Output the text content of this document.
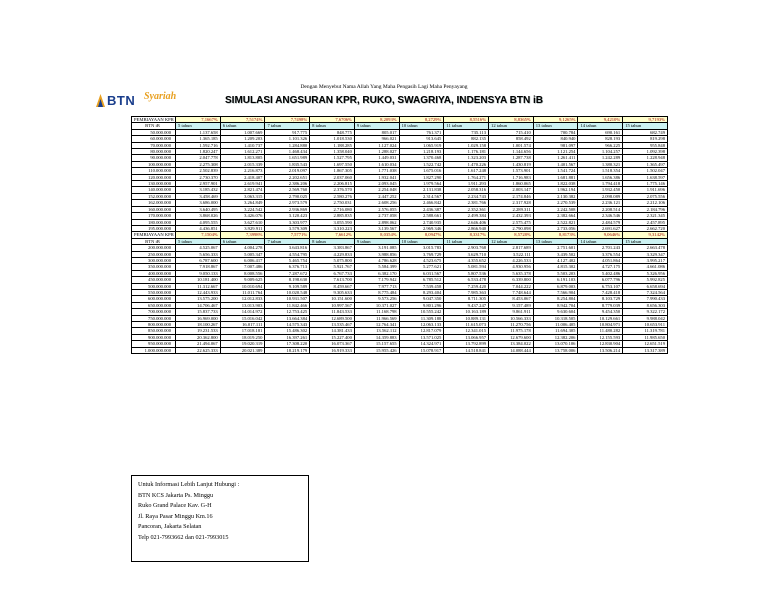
Dengan Menyebut Nama Allah Yang Maha Pengasih Lagi Maha Penyayang
BTN Syariah	SIMULASI ANGSURAN KPR, RUKO, SWAGRIYA, INDENSYA BTN iB
PEMBIAYAAN KPR	7,1667%	7,5174%	7,7498%	7,6706%	8,2093%	8,2729%	8,5516%	8,8365%	9,1265%	9,4210%	9,7193%
BTN iB	5 tahun	6 tahun	7 tahun	8 tahun	9 tahun	10 tahun	11 tahun	12 tahun	13 tahun	14 tahun	15 tahun
50.000.000	1.137.658	1.007.669	917.775	848.775	805.017	761.371	735.113	715.410	700.784	690.161	682.749
60.000.000	1.365.185	1.209.203	1.101.326	1.018.530	966.021	913.645	882.135	858.492	840.940	828.193	819.298
70.000.000	1.592.716	1.410.737	1.284.880	1.188.285	1.127.024	1.065.919	1.029.158	1.001.574	981.097	966.225	955.848
80.000.000	1.820.247	1.612.271	1.468.434	1.358.040	1.288.027	1.218.193	1.176.181	1.144.656	1.121.254	1.104.257	1.092.398
90.000.000	2.047.778	1.813.805	1.651.989	1.527.795	1.449.031	1.370.468	1.323.203	1.287.738	1.261.411	1.242.289	1.228.948
100.000.000	2.275.308	2.015.339	1.835.543	1.697.550	1.610.034	1.522.742	1.470.226	1.430.819	1.401.567	1.380.321	1.365.497
110.000.000	2.502.839	2.216.873	2.019.097	1.867.305	1.771.038	1.675.016	1.617.248	1.573.901	1.541.724	1.518.354	1.502.047
120.000.000	2.730.370	2.418.407	2.202.651	2.037.060	1.932.041	1.827.290	1.764.271	1.716.983	1.681.881	1.656.386	1.638.597
130.000.000	2.957.901	2.619.941	2.386.206	2.206.815	2.093.045	1.979.564	1.911.293	1.860.065	1.822.038	1.794.418	1.775.146
140.000.000	3.185.432	2.821.474	2.569.760	2.376.570	2.254.048	2.131.838	2.058.316	2.003.147	1.962.194	1.932.450	1.911.696
152.000.000	3.458.469	3.063.315	2.790.025	2.580.276	2.447.252	2.314.567	2.234.743	2.174.846	2.130.382	2.098.089	2.075.556
162.000.000	3.686.000	3.264.849	2.973.579	2.750.031	2.608.256	2.466.842	2.381.766	2.317.928	2.270.539	2.236.121	2.212.106
160.000.000	3.640.495	3.224.542	2.936.869	2.716.080	2.576.055	2.436.387	2.352.361	2.289.311	2.242.508	2.208.514	2.184.796
170.000.000	3.868.026	3.426.076	3.120.423	2.885.835	2.737.058	2.588.661	2.499.384	2.432.393	2.382.664	2.346.546	2.321.345
180.000.000	4.095.555	3.627.610	3.303.977	3.055.590	2.898.062	2.740.935	2.646.406	2.575.475	2.522.821	2.484.579	2.457.895
195.000.000	4.436.851	3.929.911	3.579.309	3.310.223	3.139.567	2.969.346	2.866.940	2.790.098	2.733.056	2.691.627	2.662.720
PEMBIAYAAN KPR	7,1504%	7,3998%	7,5771%	7,6612%	8,0354%	8,0947%	8,3317%	8,5728%	8,8173%	9,0646%	9,3142%
BTN iB	5 tahun	6 tahun	7 tahun	8 tahun	9 tahun	10 tahun	11 tahun	12 tahun	13 tahun	14 tahun	15 tahun
200.000.000	4.525.067	4.004.278	3.643.816	3.383.867	3.191.085	3.015.783	2.903.768	2.817.689	2.751.601	2.701.243	2.663.478
250.000.000	5.656.333	5.005.347	4.554.795	4.229.833	3.988.856	3.769.729	3.629.710	3.522.111	3.439.502	3.376.554	3.329.347
300.000.000	6.787.600	6.006.417	5.465.754	5.075.800	4.786.628	4.523.675	4.355.652	4.226.533	4.127.402	4.051.864	3.995.217
350.000.000	7.918.867	7.007.486	6.376.713	5.921.767	5.584.399	5.277.621	5.081.594	4.930.956	4.815.302	4.727.175	4.661.086
400.000.000	9.050.133	8.008.556	7.287.672	6.767.733	6.382.170	6.031.567	5.807.536	5.635.378	5.503.203	5.402.486	5.326.956
450.000.000	10.181.400	9.009.625	8.198.630	7.613.700	7.179.942	6.785.512	6.533.478	6.339.800	6.191.103	6.077.796	5.992.825
500.000.000	11.312.667	10.010.694	9.109.589	8.459.667	7.977.713	7.539.458	7.259.420	7.044.222	6.879.003	6.753.107	6.658.694
550.000.000	12.443.933	11.011.764	10.020.548	9.305.633	8.775.484	8.293.404	7.985.363	7.748.644	7.566.904	7.428.418	7.324.564
600.000.000	13.575.200	12.012.833	10.931.507	10.151.600	9.573.256	9.047.350	8.711.305	8.453.067	8.254.804	8.103.729	7.990.433
650.000.000	14.706.467	13.013.903	11.842.466	10.997.567	10.371.027	9.801.296	9.437.247	9.157.489	8.942.704	8.779.039	8.656.303
700.000.000	15.837.733	14.014.972	12.753.425	11.843.533	11.168.798	10.555.242	10.163.189	9.861.911	9.630.604	9.454.350	9.322.172
750.000.000	16.969.000	15.016.042	13.664.384	12.689.500	11.966.569	11.309.188	10.889.131	10.566.333	10.318.505	10.129.661	9.988.042
800.000.000	18.100.267	16.017.111	14.575.343	13.535.467	12.764.341	12.063.133	11.615.073	11.270.756	11.006.405	10.804.971	10.653.911
850.000.000	19.231.533	17.018.181	15.486.302	14.381.433	13.562.112	12.817.079	12.341.015	11.975.178	11.694.305	11.480.282	11.319.781
900.000.000	20.362.800	18.019.250	16.397.261	15.227.400	14.359.883	13.571.025	13.066.957	12.679.600	12.382.206	12.155.593	11.985.650
950.000.000	21.494.067	19.020.319	17.308.220	16.073.367	15.157.655	14.324.971	13.792.899	13.384.022	13.070.106	12.830.904	12.651.519
1.000.000.000	22.625.333	20.021.389	18.219.179	16.919.333	15.955.426	15.078.917	14.518.841	14.088.444	13.758.006	13.506.214	13.317.389
Untuk Informasi Lebih Lanjut Hubungi :
BTN KCS Jakarta Ps. Minggu
Ruko Grand Palace Kav. G-H
Jl. Raya Pasar Minggu Km.16
Pancoran, Jakarta Selatan
Telp 021-7993662 dan 021-7993015
